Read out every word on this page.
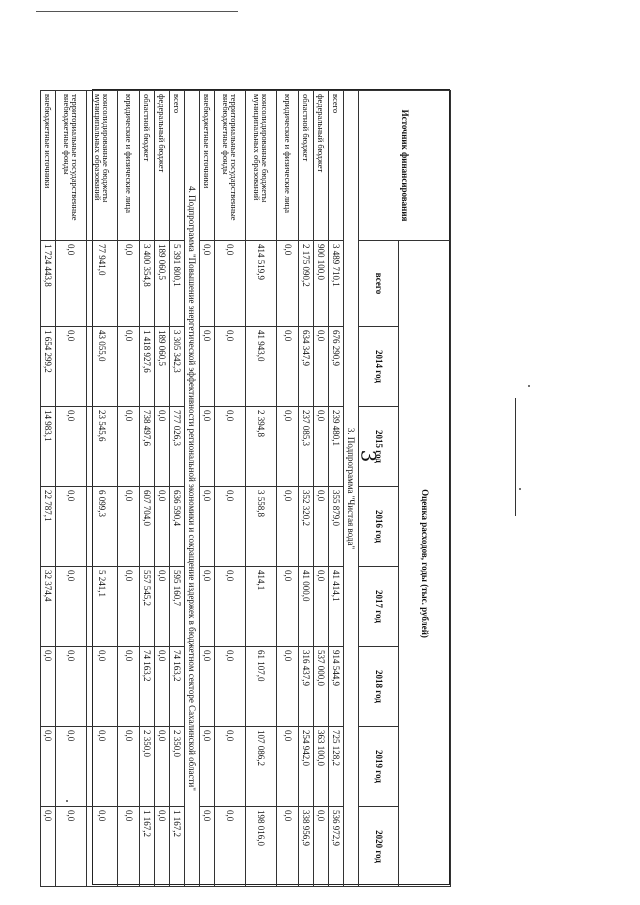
3
Источник финансирования	Оценка расходов, годы (тыс. рублей)							
	всего	2014 год	2015 год	2016 год	2017 год	2018 год	2019 год	2020 год
3. Подпрограмма "Чистая вода"								
всего	3 489 710,1	676 290,9	239 480,1	355 879,0	41 414,1	914 544,9	725 128,2	536 972,9
федеральный бюджет	900 100,0	0,0	0,0	0,0	0,0	537 000,0	363 100,0	0,0
областной бюджет	2 175 090,2	634 347,9	237 085,3	352 320,2	41 000,0	316 437,9	254 942,0	338 956,9
юридические и физические лица	0,0	0,0	0,0	0,0	0,0	0,0	0,0	0,0
консолидированные бюджеты муниципальных образований	414 519,9	41 943,0	2 394,8	3 558,8	414,1	61 107,0	107 086,2	198 016,0
территориальные государственные внебюджетные фонды	0,0	0,0	0,0	0,0	0,0	0,0	0,0	0,0
внебюджетные источники	0,0	0,0	0,0	0,0	0,0	0,0	0,0	0,0
4. Подпрограмма "Повышение энергетической эффективности региональной экономики и сокращение издержек в бюджетном секторе Сахалинской области"								
всего	5 391 800,1	3 305 342,3	777 026,3	636 590,4	595 160,7	74 163,2	2 350,0	1 167,2
федеральный бюджет	189 060,5	189 060,5	0,0	0,0	0,0	0,0	0,0	0,0
областной бюджет	3 400 354,8	1 418 927,6	738 497,6	607 704,0	557 545,2	74 163,2	2 350,0	1 167,2
юридические и физические лица	0,0	0,0	0,0	0,0	0,0	0,0	0,0	0,0
консолидированные бюджеты муниципальных образований	77 941,0	43 055,0	23 545,6	6 099,3	5 241,1	0,0	0,0	0,0
территориальные государственные внебюджетные фонды	0,0	0,0	0,0	0,0	0,0	0,0	0,0	0,0
внебюджетные источники	1 724 443,8	1 654 299,2	14 983,1	22 787,1	32 374,4	0,0	0,0	0,0
